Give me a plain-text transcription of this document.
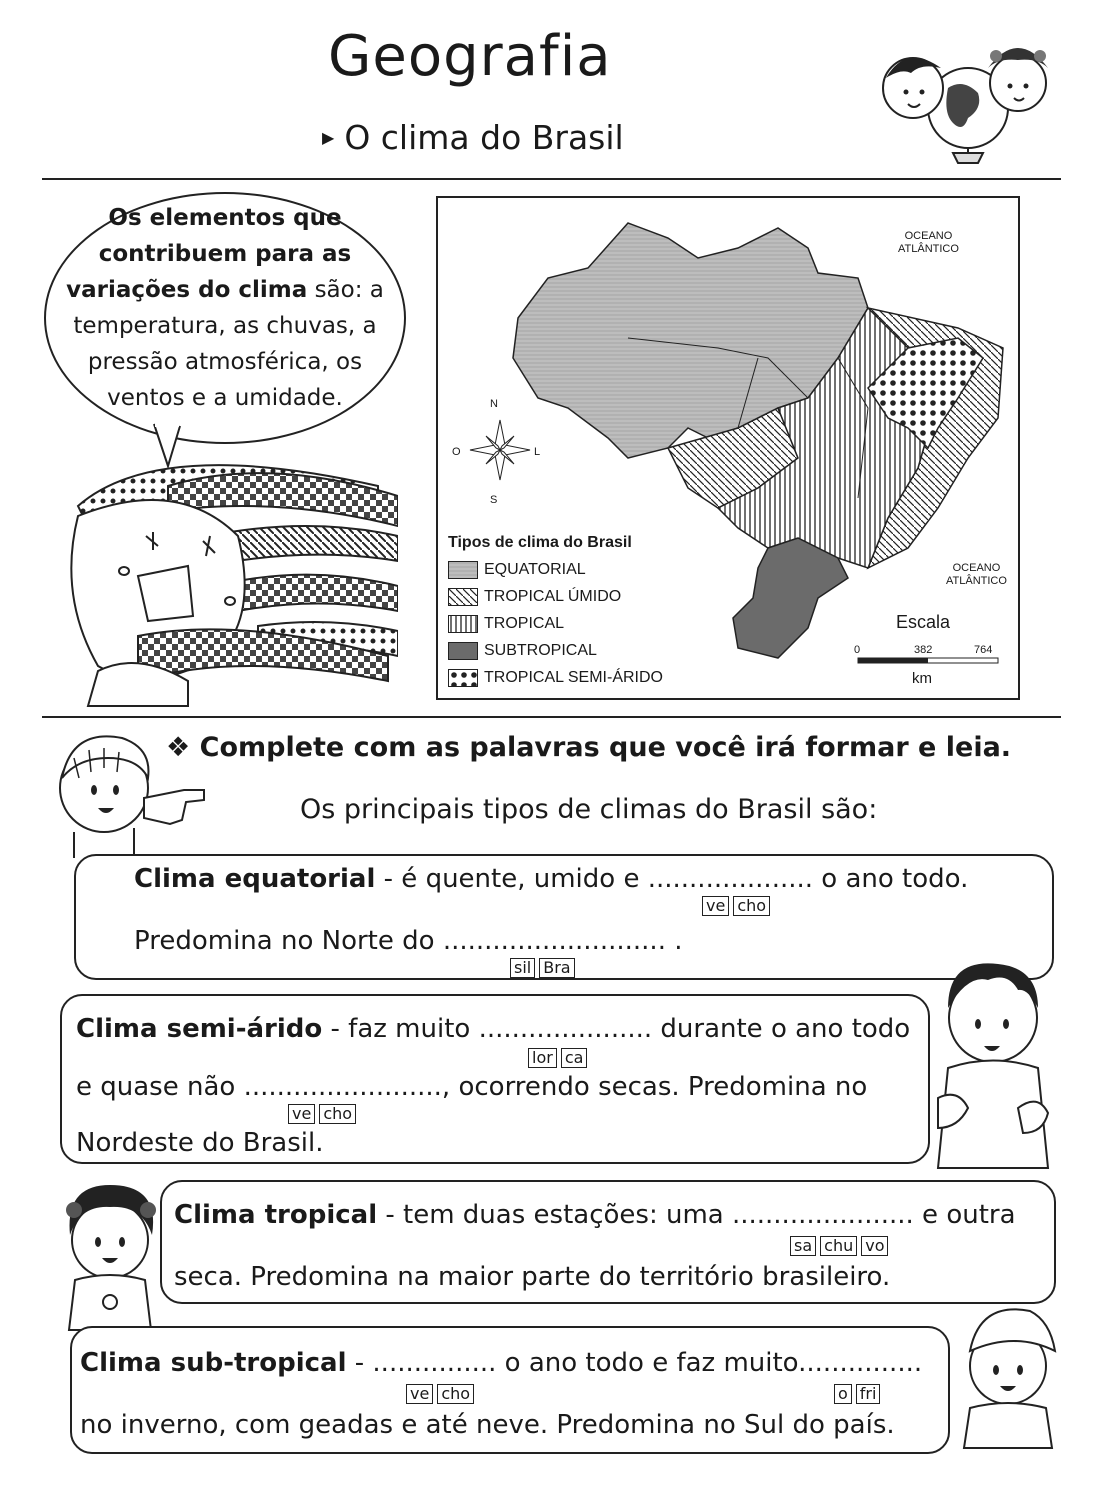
Geografia
▶ O clima do Brasil
Os elementos que contribuem para as variações do clima são: a temperatura, as chuvas, a pressão atmosférica, os ventos e a umidade.	N
S
O	L
OCEANO
ATLÂNTICO
OCEANO
ATLÂNTICO
Tipos de clima do Brasil
EQUATORIAL
TROPICAL ÚMIDO
TROPICAL
SUBTROPICAL
TROPICAL SEMI-ÁRIDO
Escala
0	382	764
km
❖ Complete com as palavras que você irá formar e leia.
Os principais tipos de climas do Brasil são:
Clima equatorial - é quente, umido e .................... o ano todo.
ve cho
Predomina no Norte do ........................... .
sil Bra
Clima semi-árido - faz muito ..................... durante o ano todo
lor ca
e quase não ........................, ocorrendo secas. Predomina no
ve cho
Nordeste do Brasil.
Clima tropical - tem duas estações: uma ...................... e outra
sa chu vo
seca. Predomina na maior parte do território brasileiro.
Clima sub-tropical - ............... o ano todo e faz muito...............
ve cho	o fri
no inverno, com geadas e até neve. Predomina no Sul do país.
